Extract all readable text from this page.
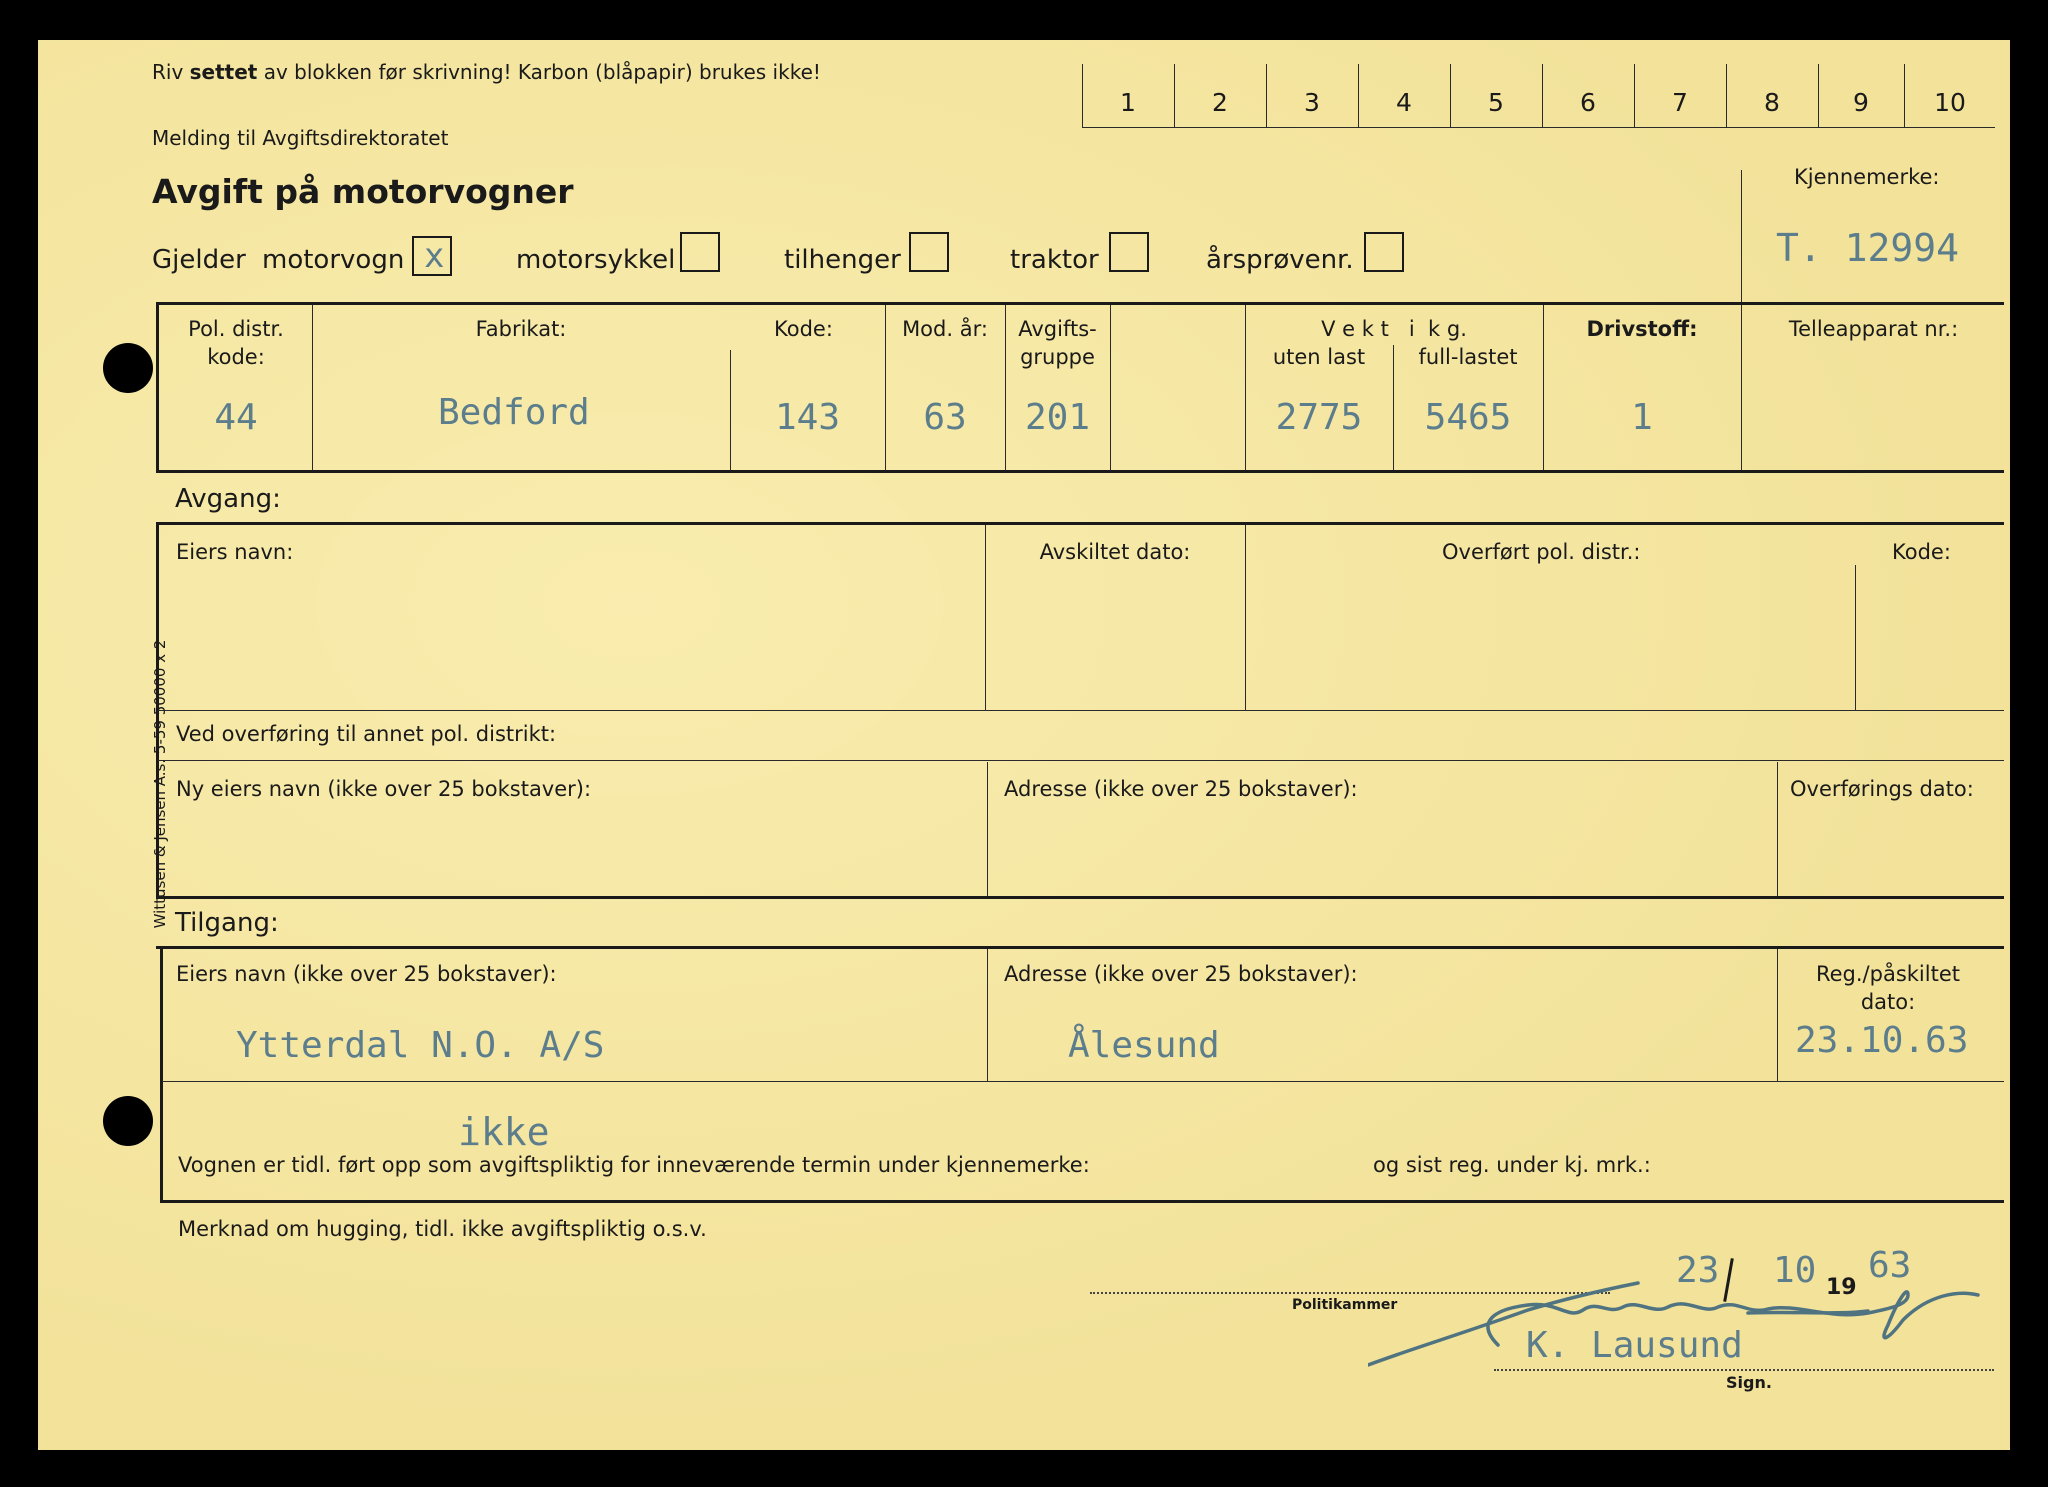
Wittusen & Jensen A.s. 5-59 50000 x 2
Riv settet av blokken før skrivning! Karbon (blåpapir) brukes ikke!
Melding til Avgiftsdirektoratet
Avgift på motorvogner
1	2	3	4	5	6	7	8	9	10
Kjennemerke:
T. 12994
Gjelder motorvogn x	motorsykkel	tilhenger	traktor	årsprøvenr.
Pol. distr.
kode:
44
Fabrikat:
Bedford
Kode:
143
Mod. år:
63
Avgifts-
gruppe
201
V e k t   i  k g.
uten last	full-lastet
2775	5465
Drivstoff:
1
Telleapparat nr.:
Avgang:
Eiers navn:	Avskiltet dato:	Overført pol. distr.:	Kode:
Ved overføring til annet pol. distrikt:
Ny eiers navn (ikke over 25 bokstaver):	Adresse (ikke over 25 bokstaver):	Overførings dato:
Tilgang:
Eiers navn (ikke over 25 bokstaver):
Ytterdal N.O. A/S
Adresse (ikke over 25 bokstaver):
Ålesund
Reg./påskiltet
dato:
23.10.63
ikke
Vognen er tidl. ført opp som avgiftspliktig for inneværende termin under kjennemerke:	og sist reg. under kj. mrk.:
Merknad om hugging, tidl. ikke avgiftspliktig o.s.v.
23 10 19
63
Politikammer
K. Lausund
Sign.
